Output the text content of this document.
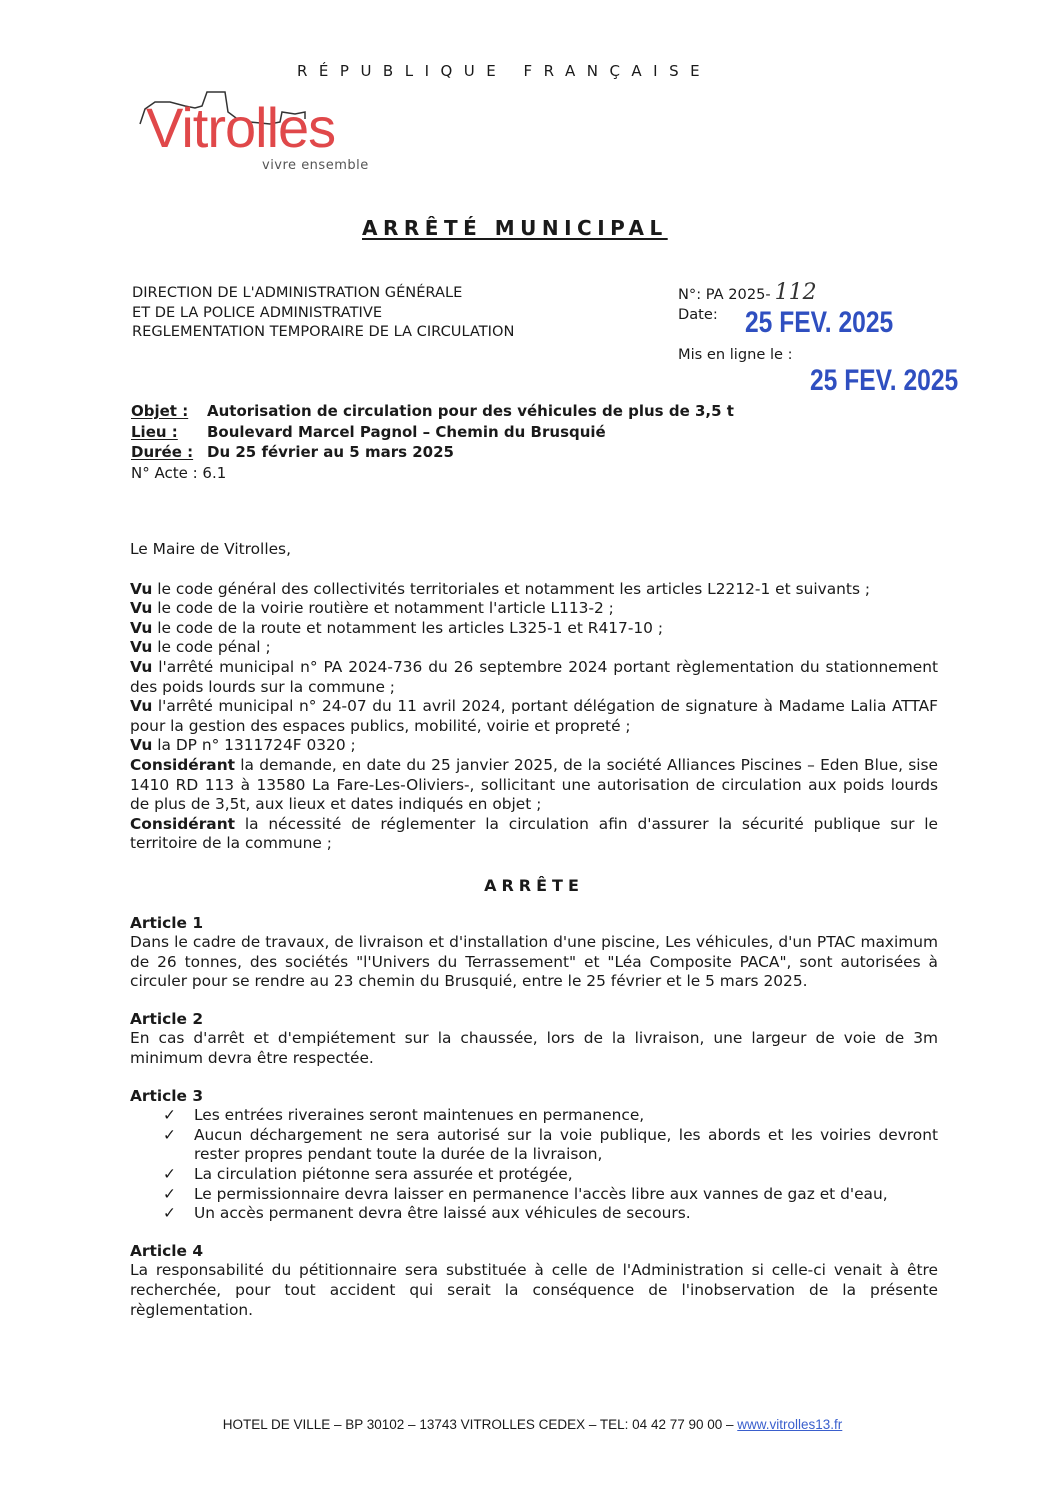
RÉPUBLIQUE FRANÇAISE
Vitrolles
vivre ensemble
ARRÊTÉ MUNICIPAL
DIRECTION DE L'ADMINISTRATION GÉNÉRALE
ET DE LA POLICE ADMINISTRATIVE
REGLEMENTATION TEMPORAIRE DE LA CIRCULATION
N°: PA 2025- 112
Date:
Mis en ligne le :
25 FEV. 2025
25 FEV. 2025
Objet : Autorisation de circulation pour des véhicules de plus de 3,5 t
Lieu : Boulevard Marcel Pagnol – Chemin du Brusquié
Durée : Du 25 février au 5 mars 2025
N° Acte : 6.1
Le Maire de Vitrolles,

Vu le code général des collectivités territoriales et notamment les articles L2212-1 et suivants ;

Vu le code de la voirie routière et notamment l'article L113-2 ;

Vu le code de la route et notamment les articles L325-1 et R417-10 ;

Vu le code pénal ;

Vu l'arrêté municipal n° PA 2024-736 du 26 septembre 2024 portant règlementation du stationnement des poids lourds sur la commune ;

Vu l'arrêté municipal n° 24-07 du 11 avril 2024, portant délégation de signature à Madame Lalia ATTAF pour la gestion des espaces publics, mobilité, voirie et propreté ;

Vu la DP n° 1311724F 0320 ;

Considérant la demande, en date du 25 janvier 2025, de la société Alliances Piscines – Eden Blue, sise 1410 RD 113 à 13580 La Fare-Les-Oliviers-, sollicitant une autorisation de circulation aux poids lourds de plus de 3,5t, aux lieux et dates indiqués en objet ;

Considérant la nécessité de réglementer la circulation afin d'assurer la sécurité publique sur le territoire de la commune ;

ARRÊTE
Article 1

Dans le cadre de travaux, de livraison et d'installation d'une piscine, Les véhicules, d'un PTAC maximum de 26 tonnes, des sociétés "l'Univers du Terrassement" et "Léa Composite PACA", sont autorisées à circuler pour se rendre au 23 chemin du Brusquié, entre le 25 février et le 5 mars 2025.

Article 2

En cas d'arrêt et d'empiétement sur la chaussée, lors de la livraison, une largeur de voie de 3m minimum devra être respectée.

Article 3
✓ Les entrées riveraines seront maintenues en permanence,
✓ Aucun déchargement ne sera autorisé sur la voie publique, les abords et les voiries devront rester propres pendant toute la durée de la livraison,
✓ La circulation piétonne sera assurée et protégée,
✓ Le permissionnaire devra laisser en permanence l'accès libre aux vannes de gaz et d'eau,
✓ Un accès permanent devra être laissé aux véhicules de secours.
Article 4

La responsabilité du pétitionnaire sera substituée à celle de l'Administration si celle-ci venait à être recherchée, pour tout accident qui serait la conséquence de l'inobservation de la présente règlementation.

HOTEL DE VILLE – BP 30102 – 13743 VITROLLES CEDEX – TEL: 04 42 77 90 00 – www.vitrolles13.fr
